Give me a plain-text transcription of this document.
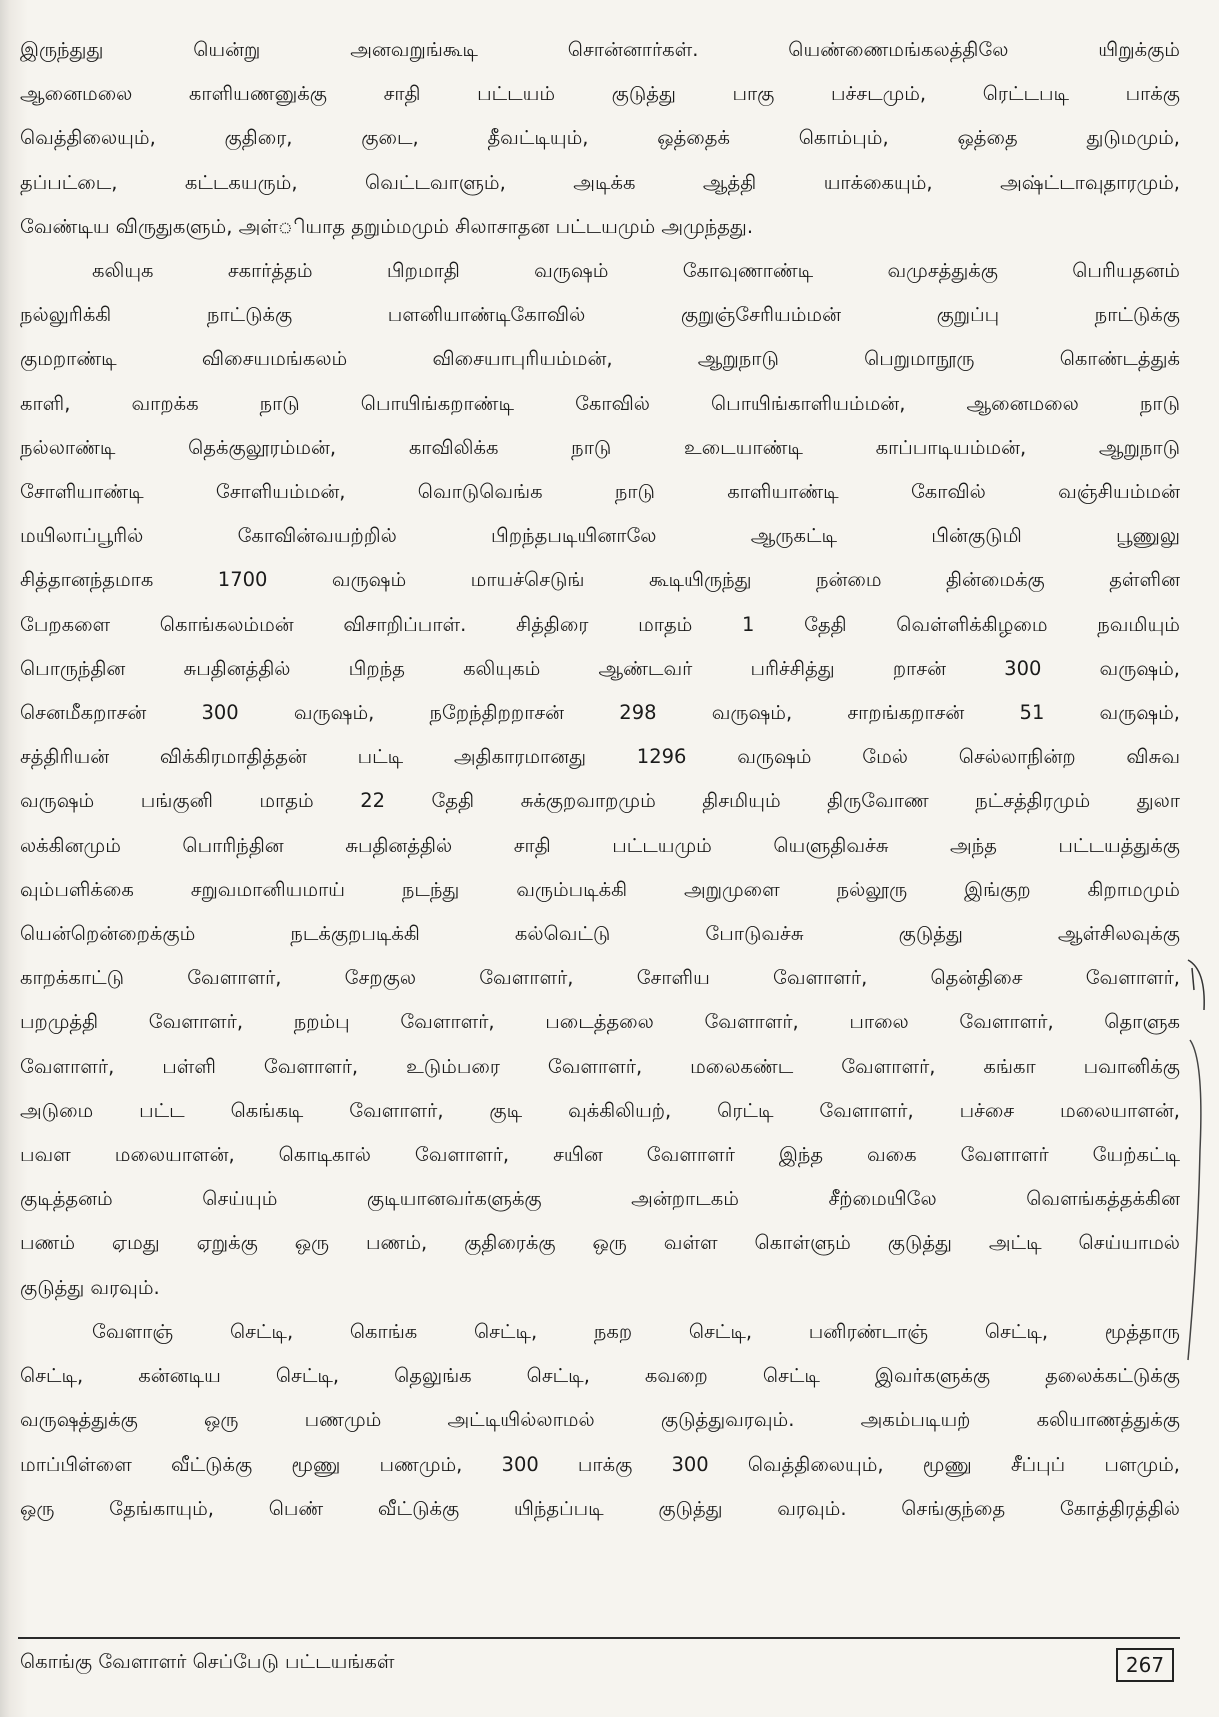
இருந்துது யென்று அனவறுங்கூடி சொன்னார்கள். யெண்ணைமங்கலத்திலே யிறுக்கும்
ஆனைமலை காளியணனுக்கு சாதி பட்டயம் குடுத்து பாகு பச்சடமும், ரெட்டபடி பாக்கு
வெத்திலையும், குதிரை, குடை, தீவட்டியும், ஒத்தைக் கொம்பும், ஒத்தை துடுமமும்,
தப்பட்டை, கட்டகயரும், வெட்டவாளும், அடிக்க ஆத்தி யாக்கையும், அஷ்ட்டாவுதாரமும்,
வேண்டிய விருதுகளும், அள்ியாத தறும்மமும் சிலாசாதன பட்டயமும் அமுந்தது.

கலியுக சகார்த்தம் பிறமாதி வருஷம் கோவுணாண்டி வமுசத்துக்கு பெரியதனம்
நல்லுரிக்கி நாட்டுக்கு பளனியாண்டிகோவில் குறுஞ்சேரியம்மன் குறுப்பு நாட்டுக்கு
குமறாண்டி விசையமங்கலம் விசையாபுரியம்மன், ஆறுநாடு பெறுமாநூரு கொண்டத்துக்
காளி, வாறக்க நாடு பொயிங்கறாண்டி கோவில் பொயிங்காளியம்மன், ஆனைமலை நாடு
நல்லாண்டி தெக்குலூரம்மன், காவிலிக்க நாடு உடையாண்டி காப்பாடியம்மன், ஆறுநாடு
சோளியாண்டி சோளியம்மன், வொடுவெங்க நாடு காளியாண்டி கோவில் வஞ்சியம்மன்
மயிலாப்பூரில் கோவின்வயற்றில் பிறந்தபடியினாலே ஆருகட்டி பின்குடுமி பூணுலு
சித்தானந்தமாக 1700 வருஷம் மாயச்செடுங் கூடியிருந்து நன்மை தின்மைக்கு தள்ளின
பேறகளை கொங்கலம்மன் விசாறிப்பாள். சித்திரை மாதம் 1 தேதி வெள்ளிக்கிழமை நவமியும்
பொருந்தின சுபதினத்தில் பிறந்த கலியுகம் ஆண்டவர் பரிச்சித்து றாசன் 300 வருஷம்,
செனமீகறாசன் 300 வருஷம், நறேந்திறறாசன் 298 வருஷம், சாறங்கறாசன் 51 வருஷம்,
சத்திரியன் விக்கிரமாதித்தன் பட்டி அதிகாரமானது 1296 வருஷம் மேல் செல்லாநின்ற விசுவ
வருஷம் பங்குனி மாதம் 22 தேதி சுக்குறவாறமும் திசமியும் திருவோண நட்சத்திரமும் துலா
லக்கினமும் பொரிந்தின சுபதினத்தில் சாதி பட்டயமும் யெளுதிவச்சு அந்த பட்டயத்துக்கு
வும்பளிக்கை சறுவமானியமாய் நடந்து வரும்படிக்கி அறுமுளை நல்லூரு இங்குற கிறாமமும்
யென்றென்றைக்கும் நடக்குறபடிக்கி கல்வெட்டு போடுவச்சு குடுத்து ஆள்சிலவுக்கு
காறக்காட்டு வேளாளர், சேறகுல வேளாளர், சோளிய வேளாளர், தென்திசை வேளாளர்,
பறமுத்தி வேளாளர், நறம்பு வேளாளர், படைத்தலை வேளாளர், பாலை வேளாளர், தொளுக
வேளாளர், பள்ளி வேளாளர், உடும்பரை வேளாளர், மலைகண்ட வேளாளர், கங்கா பவானிக்கு
அடுமை பட்ட கெங்கடி வேளாளர், குடி வுக்கிலியற், ரெட்டி வேளாளர், பச்சை மலையாளன்,
பவள மலையாளன், கொடிகால் வேளாளர், சயின வேளாளர் இந்த வகை வேளாளர் யேற்கட்டி
குடித்தனம் செய்யும் குடியானவர்களுக்கு அன்றாடகம் சீற்மையிலே வெளங்கத்தக்கின
பணம் ஏமது ஏறுக்கு ஒரு பணம், குதிரைக்கு ஒரு வள்ள கொள்ளும் குடுத்து அட்டி செய்யாமல்
குடுத்து வரவும்.

வேளாஞ் செட்டி, கொங்க செட்டி, நகற செட்டி, பனிரண்டாஞ் செட்டி, மூத்தாரு
செட்டி, கன்னடிய செட்டி, தெலுங்க செட்டி, கவறை செட்டி இவர்களுக்கு தலைக்கட்டுக்கு
வருஷத்துக்கு ஒரு பணமும் அட்டியில்லாமல் குடுத்துவரவும். அகம்படியற் கலியாணத்துக்கு
மாப்பிள்ளை வீட்டுக்கு மூணு பணமும், 300 பாக்கு 300 வெத்திலையும், மூணு சீப்புப் பளமும்,
ஒரு தேங்காயும், பெண் வீட்டுக்கு யிந்தப்படி குடுத்து வரவும். செங்குந்தை கோத்திரத்தில்

கொங்கு வேளாளர் செப்பேடு பட்டயங்கள்	267
